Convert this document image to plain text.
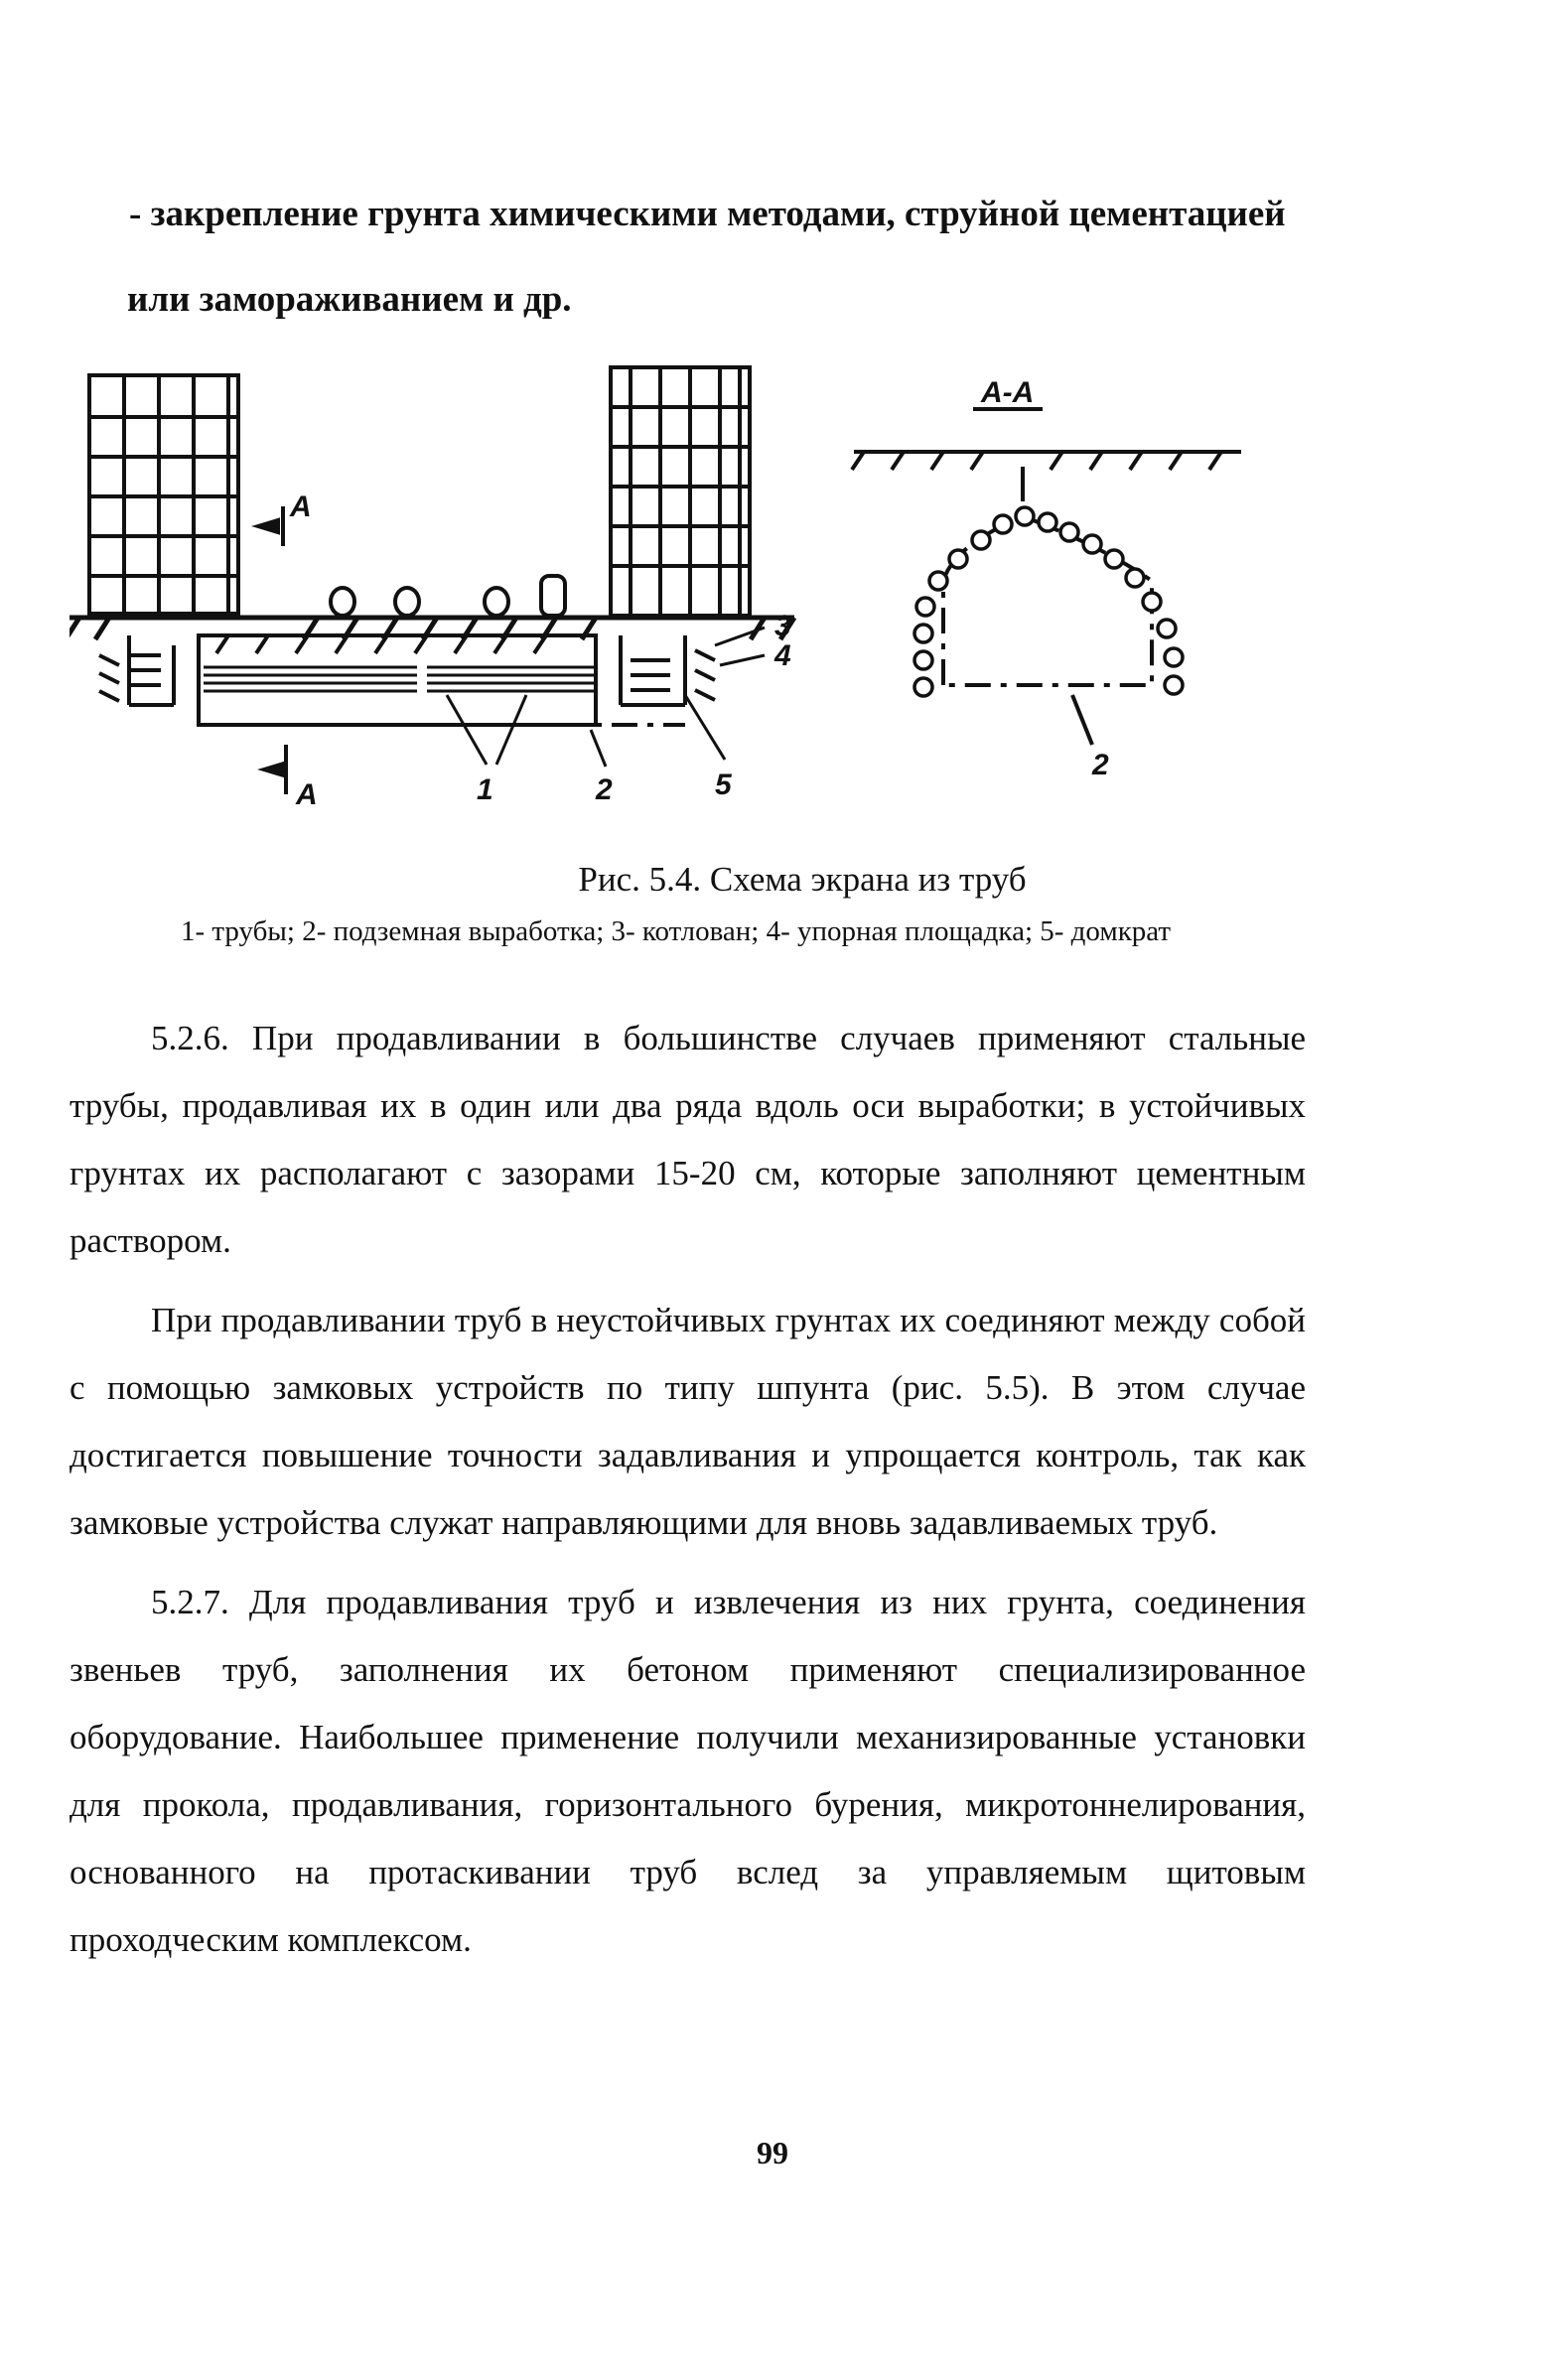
- закрепление грунта химическими методами, струйной цементацией
или замораживанием и др.
А
А	1	2
3
4
5
А-А
2
Рис. 5.4. Схема экрана из труб
1- трубы; 2- подземная выработка; 3- котлован; 4- упорная площадка; 5- домкрат

5.2.6. При продавливании в большинстве случаев применяют стальные трубы, продавливая их в один или два ряда вдоль оси выработки; в устойчивых грунтах их располагают с зазорами 15-20 см, которые заполняют цементным раствором.

При продавливании труб в неустойчивых грунтах их соединяют между собой с помощью замковых устройств по типу шпунта (рис. 5.5). В этом случае достигается повышение точности задавливания и упрощается контроль, так как замковые устройства служат направляющими для вновь задавливаемых труб.

5.2.7. Для продавливания труб и извлечения из них грунта, соединения звеньев труб, заполнения их бетоном применяют специализированное оборудование. Наибольшее применение получили механизированные установки для прокола, продавливания, горизонтального бурения, микротоннелирования, основанного на протаскивании труб вслед за управляемым щитовым проходческим комплексом.

99
